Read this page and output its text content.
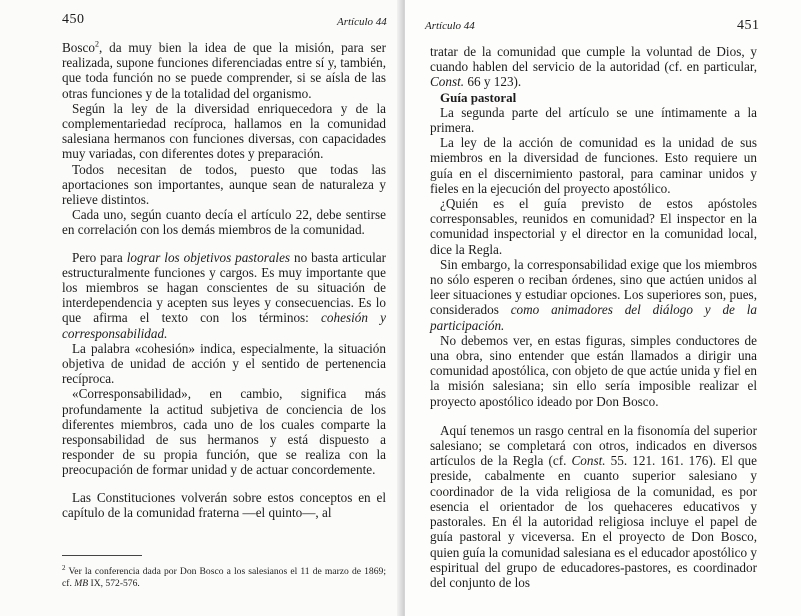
450	Artículo 44

Bosco$^2$, da muy bien la idea de que la misión, para ser realizada, supone funciones diferenciadas entre sí y, también, que toda función no se puede comprender, si se aísla de las otras funciones y de la totalidad del organismo.

Según la ley de la diversidad enriquecedora y de la complementariedad recíproca, hallamos en la comunidad salesiana hermanos con funciones diversas, con capacidades muy variadas, con diferentes dotes y preparación.

Todos necesitan de todos, puesto que todas las aportaciones son importantes, aunque sean de naturaleza y relieve distintos.

Cada uno, según cuanto decía el artículo 22, debe sentirse en correlación con los demás miembros de la comunidad.

Pero para lograr los objetivos pastorales no basta articular estructuralmente funciones y cargos. Es muy importante que los miembros se hagan conscientes de su situación de interdependencia y acepten sus leyes y consecuencias. Es lo que afirma el texto con los términos: cohesión y corresponsabilidad.

La palabra «cohesión» indica, especialmente, la situación objetiva de unidad de acción y el sentido de pertenencia recíproca.

«Corresponsabilidad», en cambio, significa más profundamente la actitud subjetiva de conciencia de los diferentes miembros, cada uno de los cuales comparte la responsabilidad de sus hermanos y está dispuesto a responder de su propia función, que se realiza con la preocupación de formar unidad y de actuar concordemente.

Las Constituciones volverán sobre estos conceptos en el capítulo de la comunidad fraterna —el quinto—, al

$^2$ Ver la conferencia dada por Don Bosco a los salesianos el 11 de marzo de 1869; cf. MB IX, 572-576.
Artículo 44	451

tratar de la comunidad que cumple la voluntad de Dios, y cuando hablen del servicio de la autoridad (cf. en particular, Const. 66 y 123).

Guía pastoral

La segunda parte del artículo se une íntimamente a la primera.

La ley de la acción de comunidad es la unidad de sus miembros en la diversidad de funciones. Esto requiere un guía en el discernimiento pastoral, para caminar unidos y fieles en la ejecución del proyecto apostólico.

¿Quién es el guía previsto de estos apóstoles corresponsables, reunidos en comunidad? El inspector en la comunidad inspectorial y el director en la comunidad local, dice la Regla.

Sin embargo, la corresponsabilidad exige que los miembros no sólo esperen o reciban órdenes, sino que actúen unidos al leer situaciones y estudiar opciones. Los superiores son, pues, considerados como animadores del diálogo y de la participación.

No debemos ver, en estas figuras, simples conductores de una obra, sino entender que están llamados a dirigir una comunidad apostólica, con objeto de que actúe unida y fiel en la misión salesiana; sin ello sería imposible realizar el proyecto apostólico ideado por Don Bosco.

Aquí tenemos un rasgo central en la fisonomía del superior salesiano; se completará con otros, indicados en diversos artículos de la Regla (cf. Const. 55. 121. 161. 176). El que preside, cabalmente en cuanto superior salesiano y coordinador de la vida religiosa de la comunidad, es por esencia el orientador de los quehaceres educativos y pastorales. En él la autoridad religiosa incluye el papel de guía pastoral y viceversa. En el proyecto de Don Bosco, quien guía la comunidad salesiana es el educador apostólico y espiritual del grupo de educadores-pastores, es coordinador del conjunto de los
